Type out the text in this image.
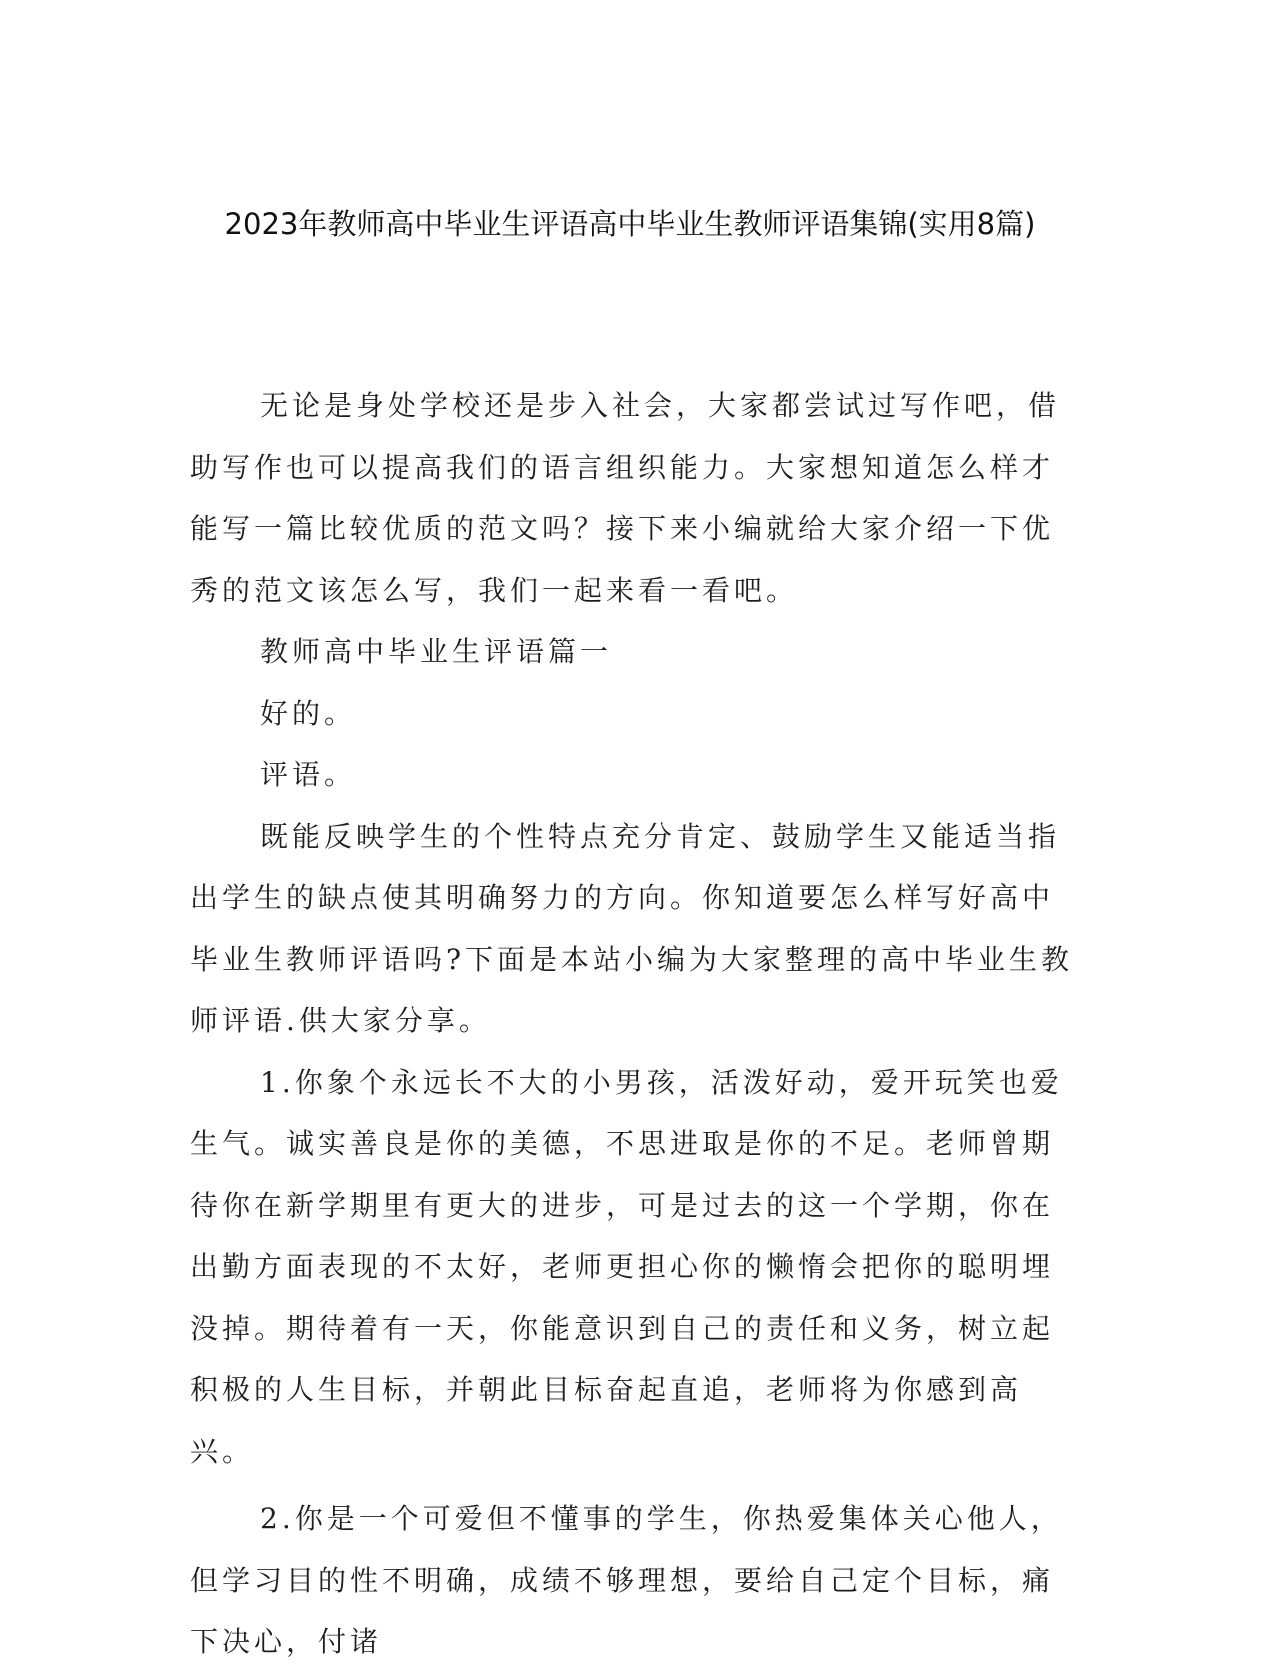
2023年教师高中毕业生评语高中毕业生教师评语集锦(实用8篇)

无论是身处学校还是步入社会，大家都尝试过写作吧，借助写作也可以提高我们的语言组织能力。大家想知道怎么样才能写一篇比较优质的范文吗？接下来小编就给大家介绍一下优秀的范文该怎么写，我们一起来看一看吧。

教师高中毕业生评语篇一

好的。

评语。

既能反映学生的个性特点充分肯定、鼓励学生又能适当指出学生的缺点使其明确努力的方向。你知道要怎么样写好高中毕业生教师评语吗?下面是本站小编为大家整理的高中毕业生教师评语.供大家分享。

1.你象个永远长不大的小男孩，活泼好动，爱开玩笑也爱生气。诚实善良是你的美德，不思进取是你的不足。老师曾期待你在新学期里有更大的进步，可是过去的这一个学期，你在出勤方面表现的不太好，老师更担心你的懒惰会把你的聪明埋没掉。期待着有一天，你能意识到自己的责任和义务，树立起积极的人生目标，并朝此目标奋起直追，老师将为你感到高兴。

2.你是一个可爱但不懂事的学生，你热爱集体关心他人，但学习目的性不明确，成绩不够理想，要给自己定个目标，痛下决心，付诸
